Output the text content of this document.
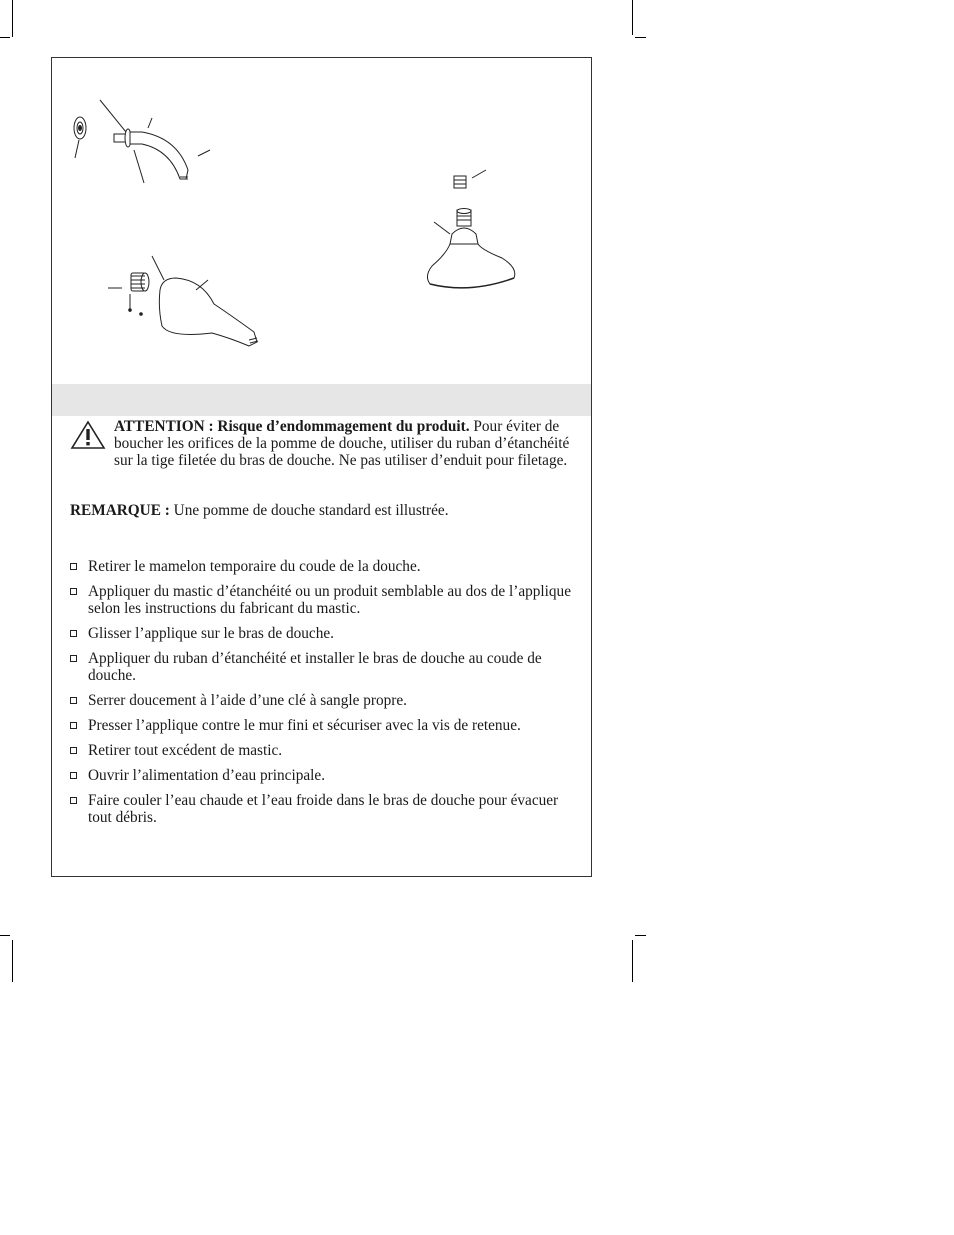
ATTENTION : Risque d’endommagement du produit. Pour éviter de boucher les orifices de la pomme de douche, utiliser du ruban d’étanchéité sur la tige filetée du bras de douche. Ne pas utiliser d’enduit pour filetage.
REMARQUE : Une pomme de douche standard est illustrée.
Retirer le mamelon temporaire du coude de la douche.
Appliquer du mastic d’étanchéité ou un produit semblable au dos de l’applique selon les instructions du fabricant du mastic.
Glisser l’applique sur le bras de douche.
Appliquer du ruban d’étanchéité et installer le bras de douche au coude de douche.
Serrer doucement à l’aide d’une clé à sangle propre.
Presser l’applique contre le mur fini et sécuriser avec la vis de retenue.
Retirer tout excédent de mastic.
Ouvrir l’alimentation d’eau principale.
Faire couler l’eau chaude et l’eau froide dans le bras de douche pour évacuer tout débris.
